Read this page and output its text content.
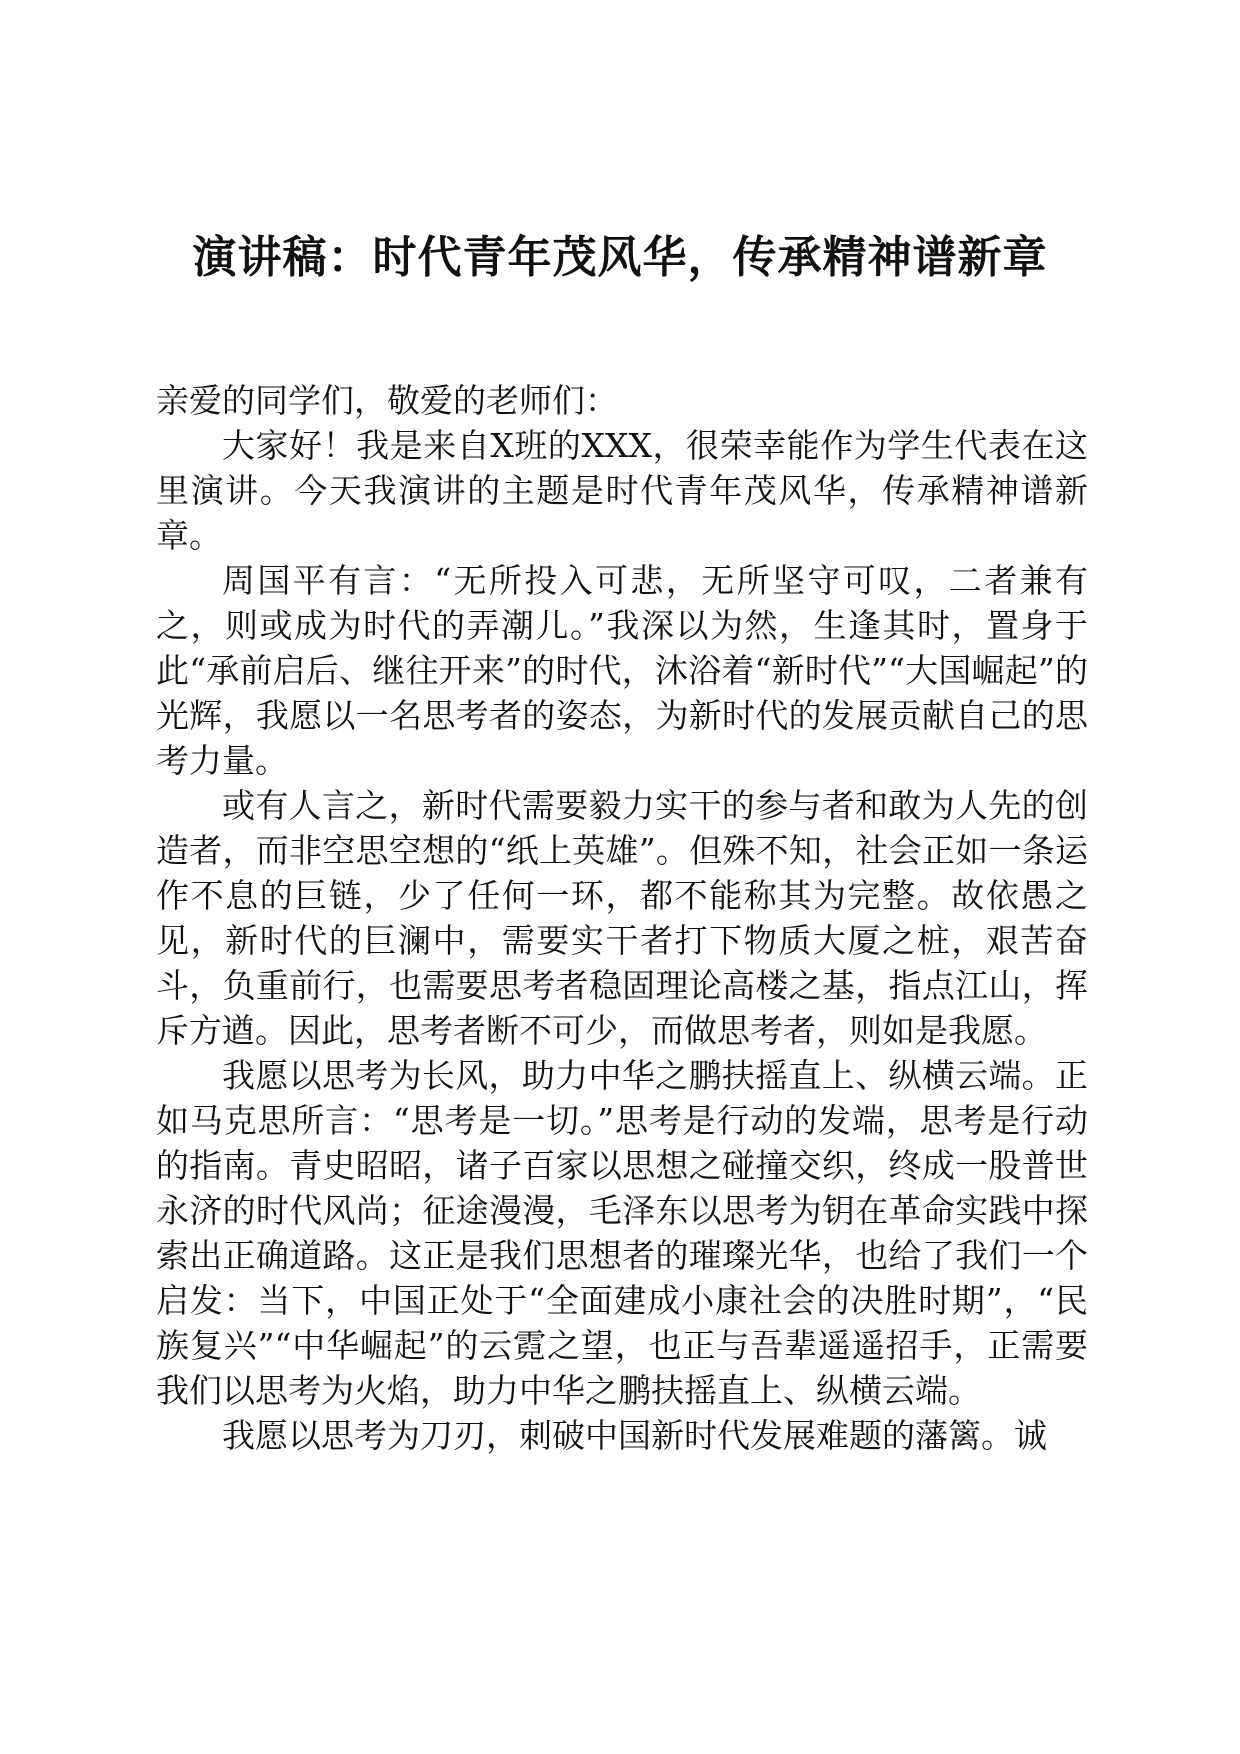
演讲稿：时代青年茂风华，传承精神谱新章

亲爱的同学们，敬爱的老师们：

大家好！我是来自X班的XXX，很荣幸能作为学生代表在这里演讲。今天我演讲的主题是时代青年茂风华，传承精神谱新章。

周国平有言：“无所投入可悲，无所坚守可叹，二者兼有之，则或成为时代的弄潮儿。”我深以为然，生逢其时，置身于此“承前启后、继往开来”的时代，沐浴着“新时代”“大国崛起”的光辉，我愿以一名思考者的姿态，为新时代的发展贡献自己的思考力量。

或有人言之，新时代需要毅力实干的参与者和敢为人先的创造者，而非空思空想的“纸上英雄”。但殊不知，社会正如一条运作不息的巨链，少了任何一环，都不能称其为完整。故依愚之见，新时代的巨澜中，需要实干者打下物质大厦之桩，艰苦奋斗，负重前行，也需要思考者稳固理论高楼之基，指点江山，挥斥方遒。因此，思考者断不可少，而做思考者，则如是我愿。

我愿以思考为长风，助力中华之鹏扶摇直上、纵横云端。正如马克思所言：“思考是一切。”思考是行动的发端，思考是行动的指南。青史昭昭，诸子百家以思想之碰撞交织，终成一股普世永济的时代风尚；征途漫漫，毛泽东以思考为钥在革命实践中探索出正确道路。这正是我们思想者的璀璨光华，也给了我们一个启发：当下，中国正处于“全面建成小康社会的决胜时期”，“民族复兴”“中华崛起”的云霓之望，也正与吾辈遥遥招手，正需要我们以思考为火焰，助力中华之鹏扶摇直上、纵横云端。

我愿以思考为刀刃，刺破中国新时代发展难题的藩篱。诚
